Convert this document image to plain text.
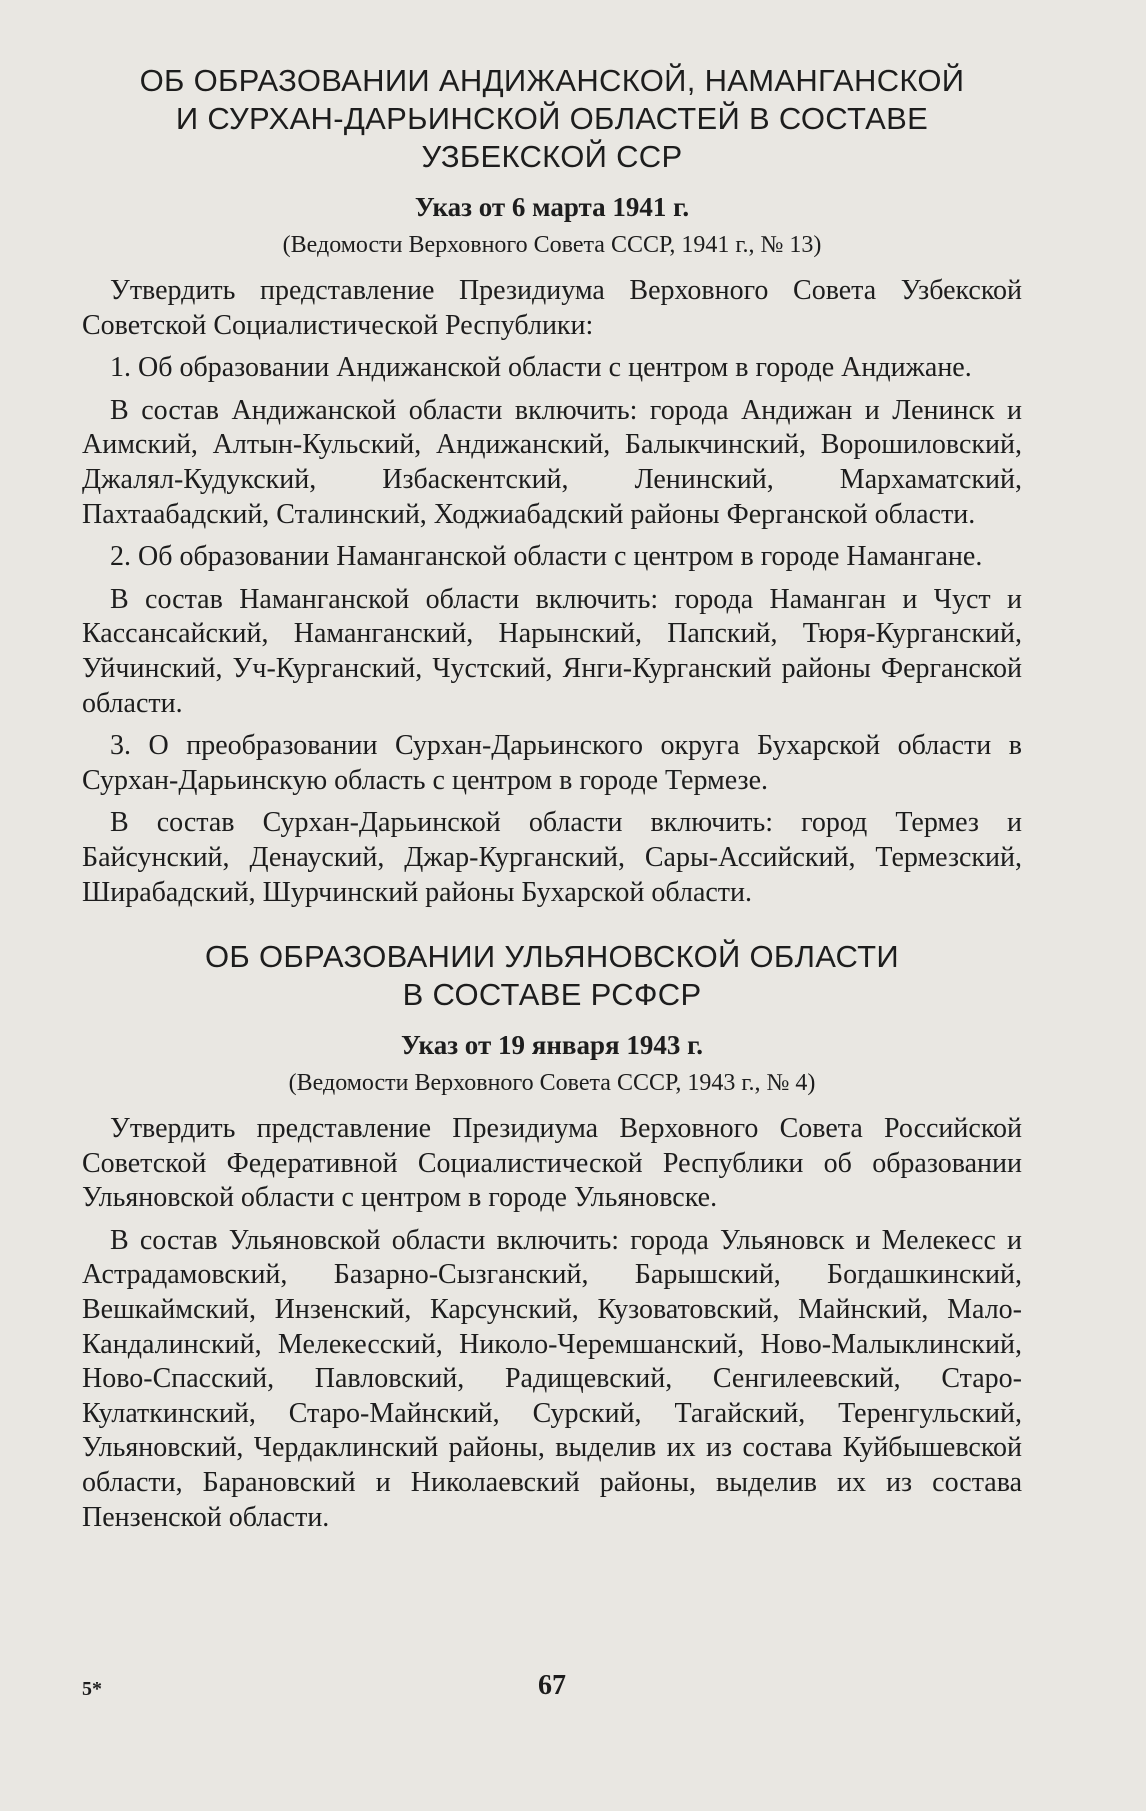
ОБ ОБРАЗОВАНИИ АНДИЖАНСКОЙ, НАМАНГАНСКОЙ
И СУРХАН-ДАРЬИНСКОЙ ОБЛАСТЕЙ В СОСТАВЕ
УЗБЕКСКОЙ ССР
Указ от 6 марта 1941 г.
(Ведомости Верховного Совета СССР, 1941 г., № 13)

Утвердить представление Президиума Верховного Совета Узбекской Советской Социалистической Республики:

1. Об образовании Андижанской области с центром в городе Андижане.

В состав Андижанской области включить: города Андижан и Ленинск и Аимский, Алтын-Кульский, Андижанский, Балыкчинский, Ворошиловский, Джалял-Кудукский, Избаскентский, Ленинский, Мархаматский, Пахтаабадский, Сталинский, Ходжиабадский районы Ферганской области.

2. Об образовании Наманганской области с центром в городе Намангане.

В состав Наманганской области включить: города Наманган и Чуст и Кассансайский, Наманганский, Нарынский, Папский, Тюря-Курганский, Уйчинский, Уч-Курганский, Чустский, Янги-Курганский районы Ферганской области.

3. О преобразовании Сурхан-Дарьинского округа Бухарской области в Сурхан-Дарьинскую область с центром в городе Термезе.

В состав Сурхан-Дарьинской области включить: город Термез и Байсунский, Денауский, Джар-Курганский, Сары-Ассийский, Термезский, Ширабадский, Шурчинский районы Бухарской области.

ОБ ОБРАЗОВАНИИ УЛЬЯНОВСКОЙ ОБЛАСТИ
В СОСТАВЕ РСФСР
Указ от 19 января 1943 г.
(Ведомости Верховного Совета СССР, 1943 г., № 4)

Утвердить представление Президиума Верховного Совета Российской Советской Федеративной Социалистической Республики об образовании Ульяновской области с центром в городе Ульяновске.

В состав Ульяновской области включить: города Ульяновск и Мелекесс и Астрадамовский, Базарно-Сызганский, Барышский, Богдашкинский, Вешкаймский, Инзенский, Карсунский, Кузоватовский, Майнский, Мало-Кандалинский, Мелекесский, Николо-Черемшанский, Ново-Малыклинский, Ново-Спасский, Павловский, Радищевский, Сенгилеевский, Старо-Кулаткинский, Старо-Майнский, Сурский, Тагайский, Теренгульский, Ульяновский, Чердаклинский районы, выделив их из состава Куйбышевской области, Барановский и Николаевский районы, выделив их из состава Пензенской области.

5*	67
